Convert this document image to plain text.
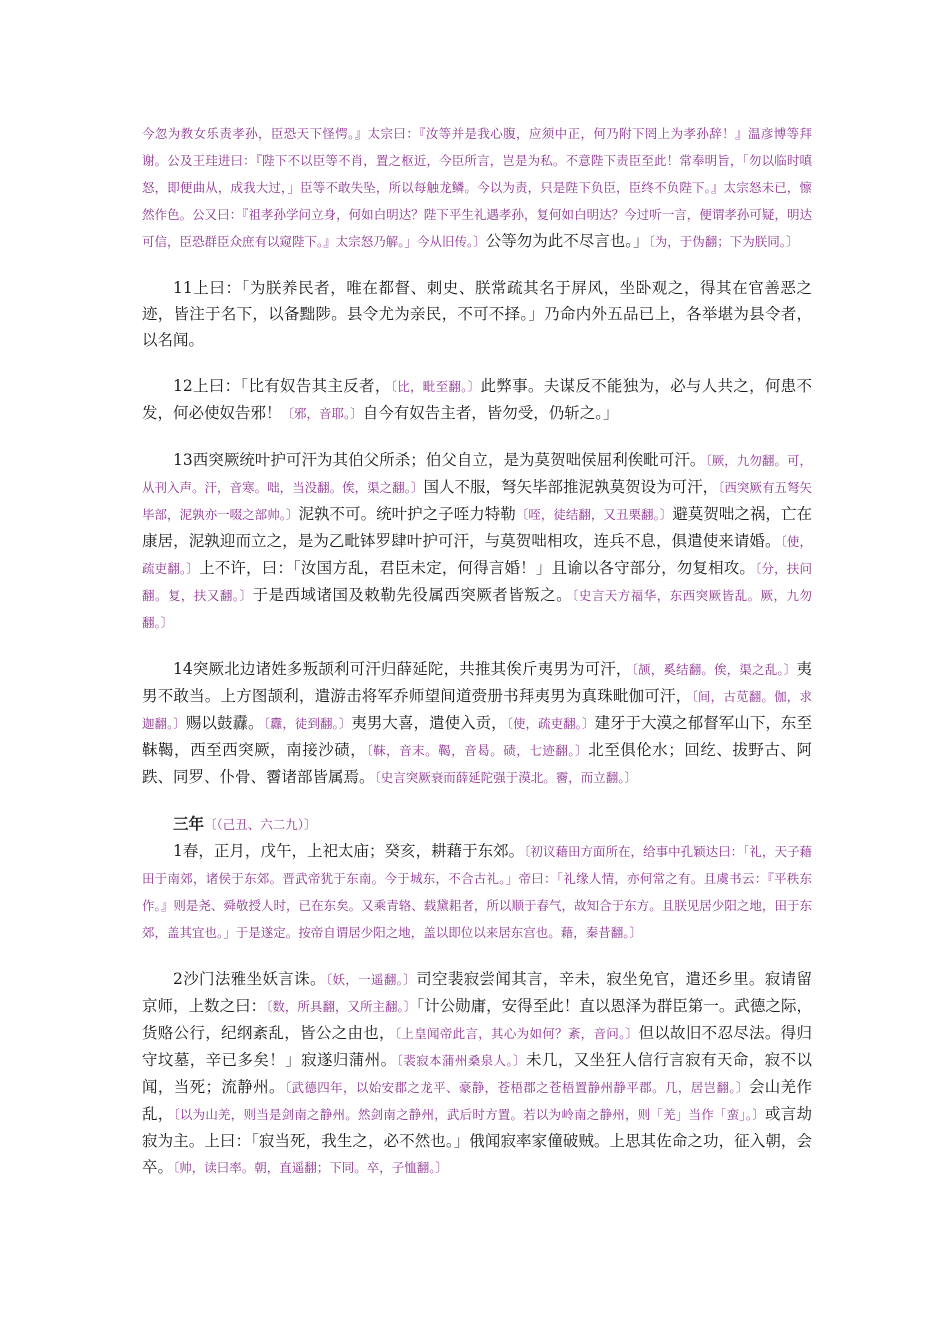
今忽为教女乐责孝孙，臣恐天下怪愕。』太宗曰：『汝等并是我心腹，应须中正，何乃附下罔上为孝孙辞！』温彦博等拜谢。公及王珪进曰：『陛下不以臣等不肖，置之枢近，今臣所言，岂是为私。不意陛下责臣至此！常奉明旨，「勿以临时嗔怒，即便曲从，成我大过，」臣等不敢失坠，所以每触龙鳞。今以为责，只是陛下负臣，臣终不负陛下。』太宗怒未已，懔然作色。公又曰：『祖孝孙学问立身，何如白明达？陛下平生礼遇孝孙，复何如白明达？今过听一言，便谓孝孙可疑，明达可信，臣恐群臣众庶有以窥陛下。』太宗怒乃解。」今从旧传。〕公等勿为此不尽言也。」〔为，于伪翻；下为朕同。〕

11上曰：「为朕养民者，唯在都督、刺史、朕常疏其名于屏风，坐卧观之，得其在官善恶之迹，皆注于名下，以备黜陟。县令尤为亲民，不可不择。」乃命内外五品已上，各举堪为县令者，以名闻。

12上曰：「比有奴告其主反者，〔比，毗至翻。〕此弊事。夫谋反不能独为，必与人共之，何患不发，何必使奴告邪！〔邪，音耶。〕自今有奴告主者，皆勿受，仍斩之。」

13西突厥统叶护可汗为其伯父所杀；伯父自立，是为莫贺咄侯屈利俟毗可汗。〔厥，九勿翻。可，从刊入声。汗，音寒。咄，当没翻。俟，渠之翻。〕国人不服，弩矢毕部推泥孰莫贺设为可汗，〔西突厥有五弩矢毕部，泥孰亦一啜之部帅。〕泥孰不可。统叶护之子咥力特勒〔咥，徒结翻，又丑栗翻。〕避莫贺咄之祸，亡在康居，泥孰迎而立之，是为乙毗钵罗肆叶护可汗，与莫贺咄相攻，连兵不息，俱遣使来请婚。〔使，疏吏翻。〕上不许，曰：「汝国方乱，君臣未定，何得言婚！」且谕以各守部分，勿复相攻。〔分，扶问翻。复，扶又翻。〕于是西域诸国及敕勒先役属西突厥者皆叛之。〔史言天方福华，东西突厥皆乱。厥，九勿翻。〕

14突厥北边诸姓多叛颉利可汗归薛延陀，共推其俟斤夷男为可汗，〔颉，奚结翻。俟，渠之乱。〕夷男不敢当。上方图颉利，遣游击将军乔师望间道赍册书拜夷男为真珠毗伽可汗，〔间，古苋翻。伽，求迦翻。〕赐以鼓纛。〔纛，徒到翻。〕夷男大喜，遣使入贡，〔使，疏吏翻。〕建牙于大漠之郁督军山下，东至靺鞨，西至西突厥，南接沙碛，〔靺，音末。鞨，音曷。碛，七迹翻。〕北至俱伦水；回纥、拔野古、阿跌、同罗、仆骨、霫诸部皆属焉。〔史言突厥衰而薛延陀强于漠北。霫，而立翻。〕

三年〔（己丑、六二九）〕

1春，正月，戊午，上祀太庙；癸亥，耕藉于东郊。〔初议藉田方面所在，给事中孔颖达曰：「礼，天子藉田于南郊，诸侯于东郊。晋武帝犹于东南。今于城东，不合古礼。」帝曰：「礼缘人情，亦何常之有。且虞书云：『平秩东作。』则是尧、舜敬授人时，已在东矣。又乘青辂、载黛耜者，所以顺于春气，故知合于东方。且朕见居少阳之地，田于东郊，盖其宜也。」于是遂定。按帝自谓居少阳之地，盖以即位以来居东宫也。藉，秦昔翻。〕

2沙门法雅坐妖言诛。〔妖，一遥翻。〕司空裴寂尝闻其言，辛未，寂坐免官，遣还乡里。寂请留京师，上数之曰：〔数，所具翻，又所主翻。〕「计公勋庸，安得至此！直以恩泽为群臣第一。武德之际，货赂公行，纪纲紊乱，皆公之由也，〔上皇闻帝此言，其心为如何？紊，音问。〕但以故旧不忍尽法。得归守坟墓，辛已多矣！」寂遂归蒲州。〔裴寂本蒲州桑泉人。〕未几，又坐狂人信行言寂有天命，寂不以闻，当死；流静州。〔武德四年，以始安郡之龙平、豪静，苍梧郡之苍梧置静州静平郡。几，居岂翻。〕会山羌作乱，〔以为山羌，则当是剑南之静州。然剑南之静州，武后时方置。若以为岭南之静州，则「羌」当作「蛮」。〕或言劫寂为主。上曰：「寂当死，我生之，必不然也。」俄闻寂率家僮破贼。上思其佐命之功，征入朝，会卒。〔帅，读曰率。朝，直遥翻；下同。卒，子恤翻。〕
